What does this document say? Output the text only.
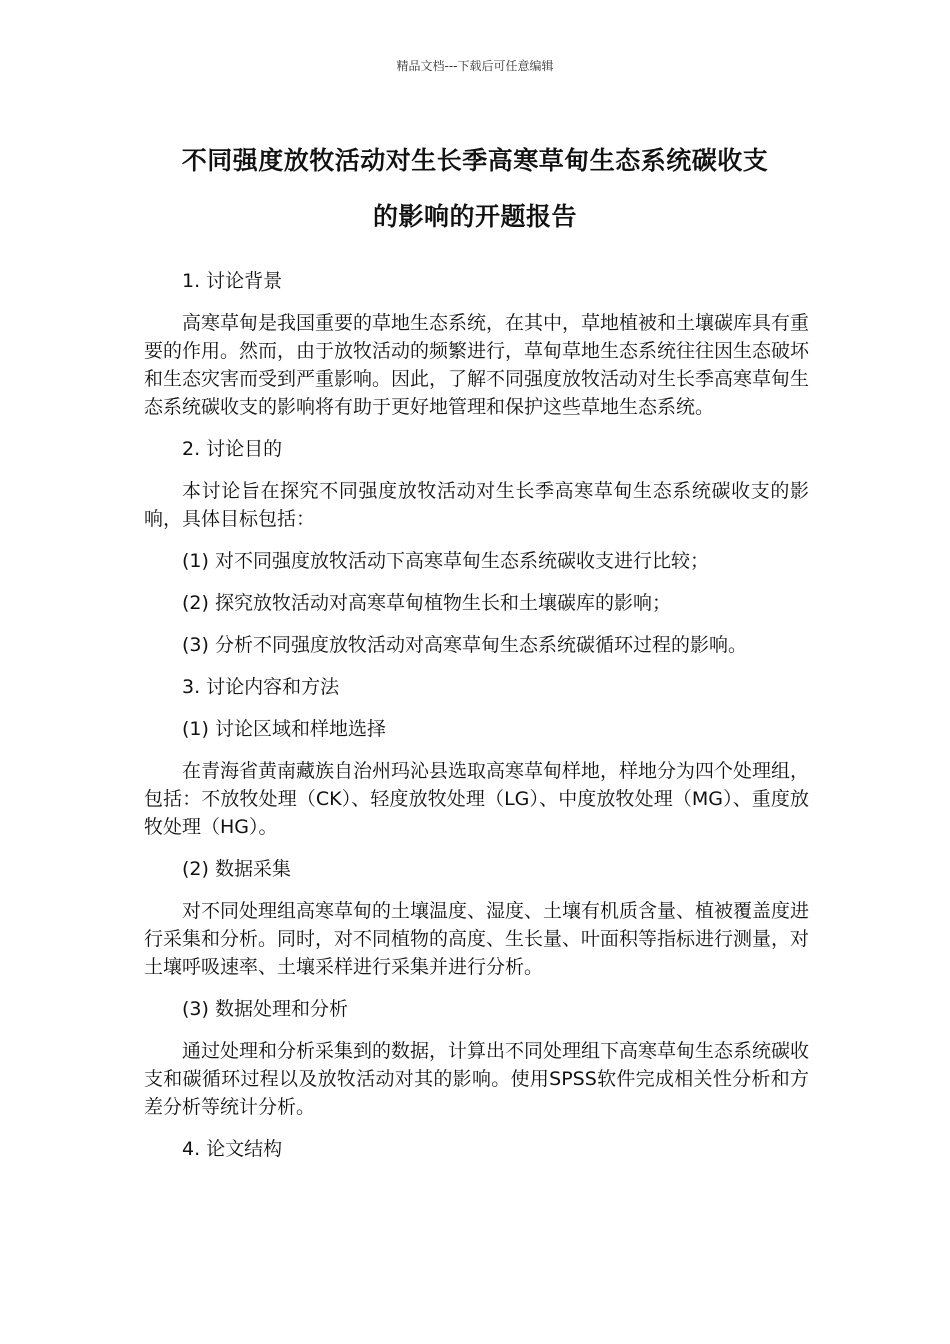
精品文档---下载后可任意编辑
不同强度放牧活动对生长季高寒草甸生态系统碳收支
的影响的开题报告

1. 讨论背景

高寒草甸是我国重要的草地生态系统，在其中，草地植被和土壤碳库具有重要的作用。然而，由于放牧活动的频繁进行，草甸草地生态系统往往因生态破坏和生态灾害而受到严重影响。因此，了解不同强度放牧活动对生长季高寒草甸生态系统碳收支的影响将有助于更好地管理和保护这些草地生态系统。

2. 讨论目的

本讨论旨在探究不同强度放牧活动对生长季高寒草甸生态系统碳收支的影响，具体目标包括：

(1) 对不同强度放牧活动下高寒草甸生态系统碳收支进行比较；

(2) 探究放牧活动对高寒草甸植物生长和土壤碳库的影响；

(3) 分析不同强度放牧活动对高寒草甸生态系统碳循环过程的影响。

3. 讨论内容和方法

(1) 讨论区域和样地选择

在青海省黄南藏族自治州玛沁县选取高寒草甸样地，样地分为四个处理组，包括：不放牧处理（CK）、轻度放牧处理（LG）、中度放牧处理（MG）、重度放牧处理（HG）。

(2) 数据采集

对不同处理组高寒草甸的土壤温度、湿度、土壤有机质含量、植被覆盖度进行采集和分析。同时，对不同植物的高度、生长量、叶面积等指标进行测量，对土壤呼吸速率、土壤采样进行采集并进行分析。

(3) 数据处理和分析

通过处理和分析采集到的数据，计算出不同处理组下高寒草甸生态系统碳收支和碳循环过程以及放牧活动对其的影响。使用SPSS软件完成相关性分析和方差分析等统计分析。

4. 论文结构
